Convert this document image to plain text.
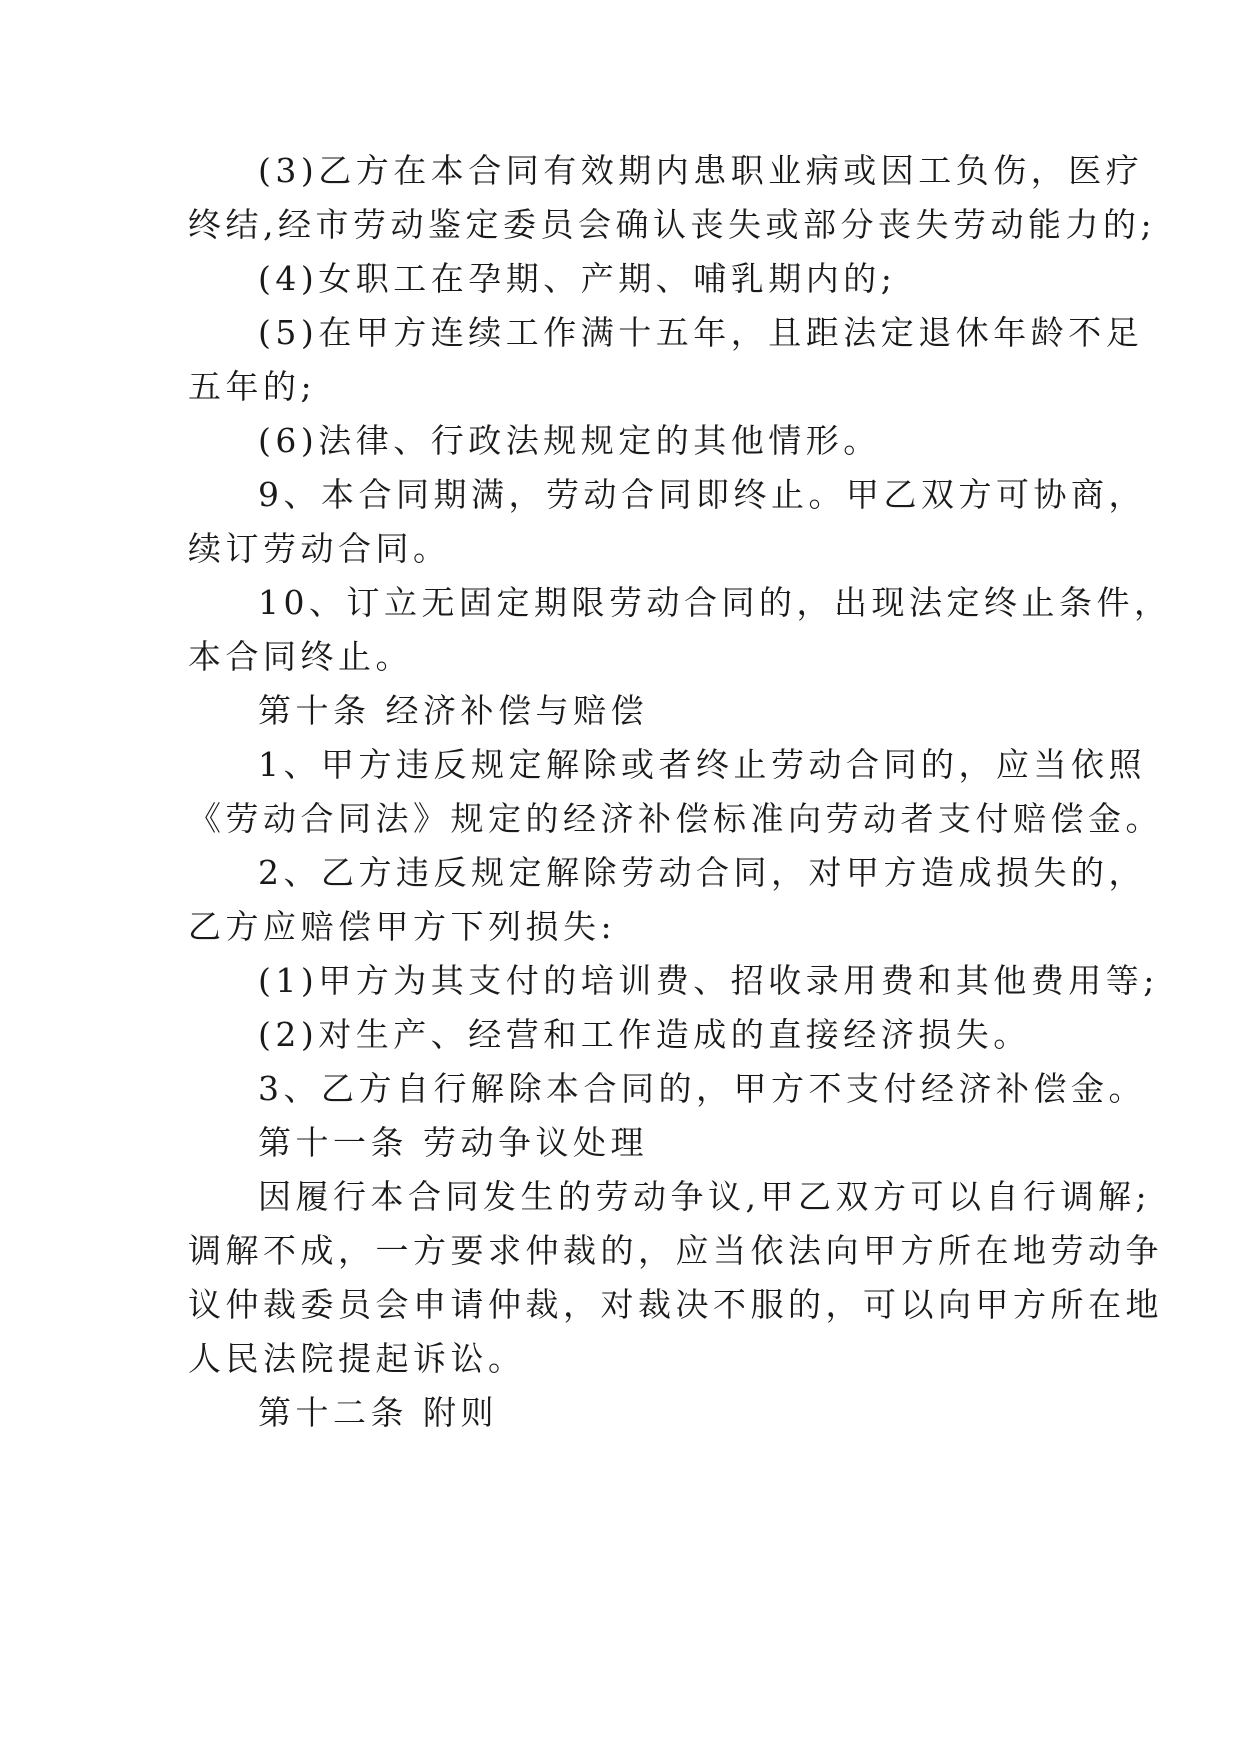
(3)乙方在本合同有效期内患职业病或因工负伤，医疗
终结,经市劳动鉴定委员会确认丧失或部分丧失劳动能力的;
(4)女职工在孕期、产期、哺乳期内的;
(5)在甲方连续工作满十五年，且距法定退休年龄不足
五年的;
(6)法律、行政法规规定的其他情形。
9、本合同期满，劳动合同即终止。甲乙双方可协商，
续订劳动合同。
10、订立无固定期限劳动合同的，出现法定终止条件，
本合同终止。
第十条 经济补偿与赔偿
1、甲方违反规定解除或者终止劳动合同的，应当依照
《劳动合同法》规定的经济补偿标准向劳动者支付赔偿金。
2、乙方违反规定解除劳动合同，对甲方造成损失的，
乙方应赔偿甲方下列损失:
(1)甲方为其支付的培训费、招收录用费和其他费用等;
(2)对生产、经营和工作造成的直接经济损失。
3、乙方自行解除本合同的，甲方不支付经济补偿金。
第十一条 劳动争议处理
因履行本合同发生的劳动争议,甲乙双方可以自行调解;
调解不成，一方要求仲裁的，应当依法向甲方所在地劳动争
议仲裁委员会申请仲裁，对裁决不服的，可以向甲方所在地
人民法院提起诉讼。
第十二条 附则
